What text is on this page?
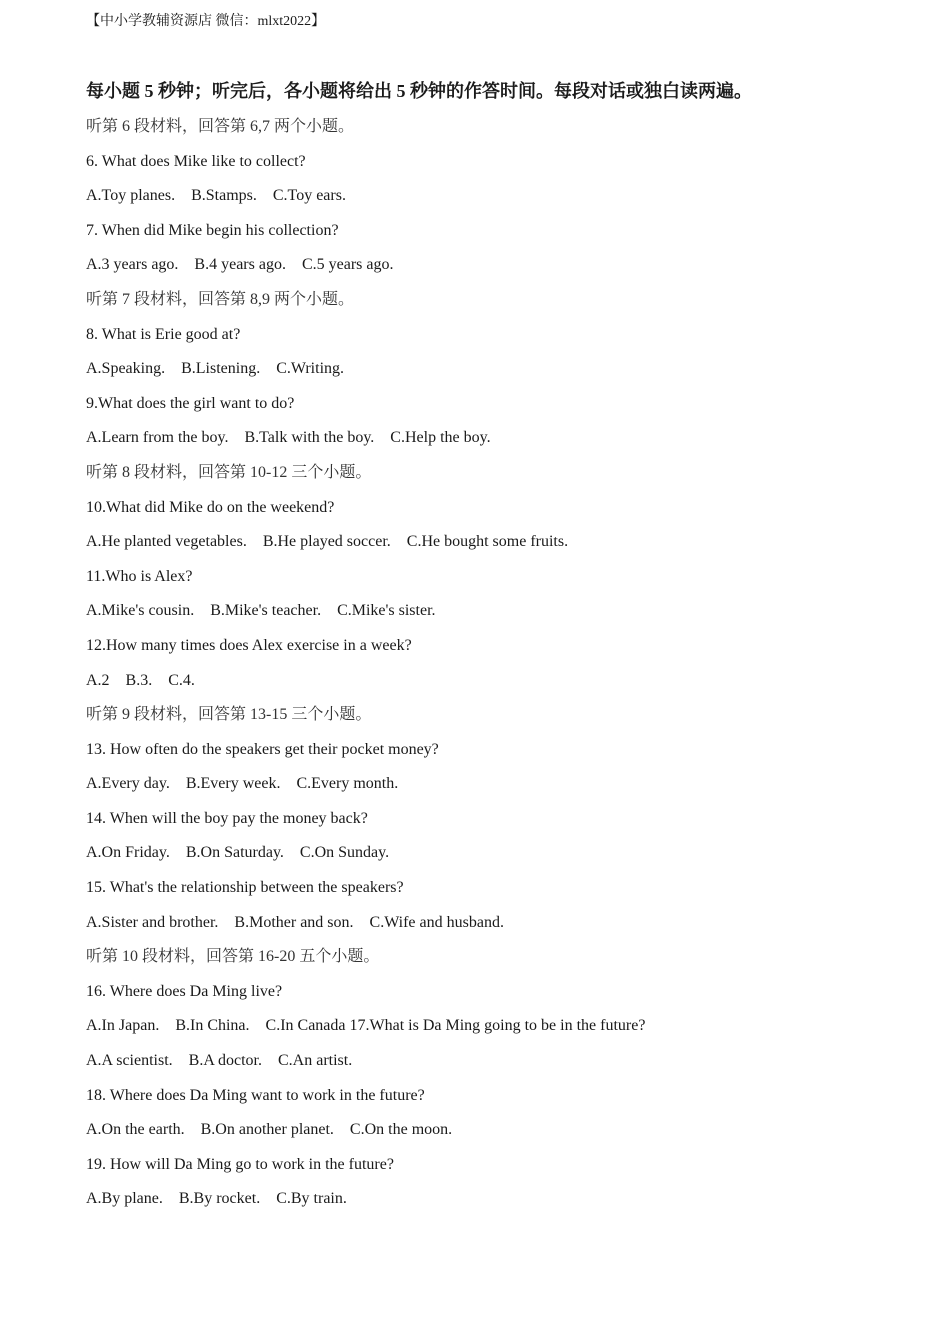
【中小学教辅资源店 微信：mlxt2022】
每小题 5 秒钟；听完后，各小题将给出 5 秒钟的作答时间。每段对话或独白读两遍。
听第 6 段材料，回答第 6,7 两个小题。
6. What does Mike like to collect?
A.Toy planes.    B.Stamps.    C.Toy ears.
7. When did Mike begin his collection?
A.3 years ago.    B.4 years ago.    C.5 years ago.
听第 7 段材料，回答第 8,9 两个小题。
8. What is Erie good at?
A.Speaking.    B.Listening.    C.Writing.
9.What does the girl want to do?
A.Learn from the boy.    B.Talk with the boy.    C.Help the boy.
听第 8 段材料，回答第 10-12 三个小题。
10.What did Mike do on the weekend?
A.He planted vegetables.    B.He played soccer.    C.He bought some fruits.
11.Who is Alex?
A.Mike's cousin.    B.Mike's teacher.    C.Mike's sister.
12.How many times does Alex exercise in a week?
A.2    B.3.    C.4.
听第 9 段材料，回答第 13-15 三个小题。
13. How often do the speakers get their pocket money?
A.Every day.    B.Every week.    C.Every month.
14. When will the boy pay the money back?
A.On Friday.    B.On Saturday.    C.On Sunday.
15. What's the relationship between the speakers?
A.Sister and brother.    B.Mother and son.    C.Wife and husband.
听第 10 段材料，回答第 16-20 五个小题。
16. Where does Da Ming live?
A.In Japan.    B.In China.    C.In Canada 17.What is Da Ming going to be in the future?
A.A scientist.    B.A doctor.    C.An artist.
18. Where does Da Ming want to work in the future?
A.On the earth.    B.On another planet.    C.On the moon.
19. How will Da Ming go to work in the future?
A.By plane.    B.By rocket.    C.By train.
